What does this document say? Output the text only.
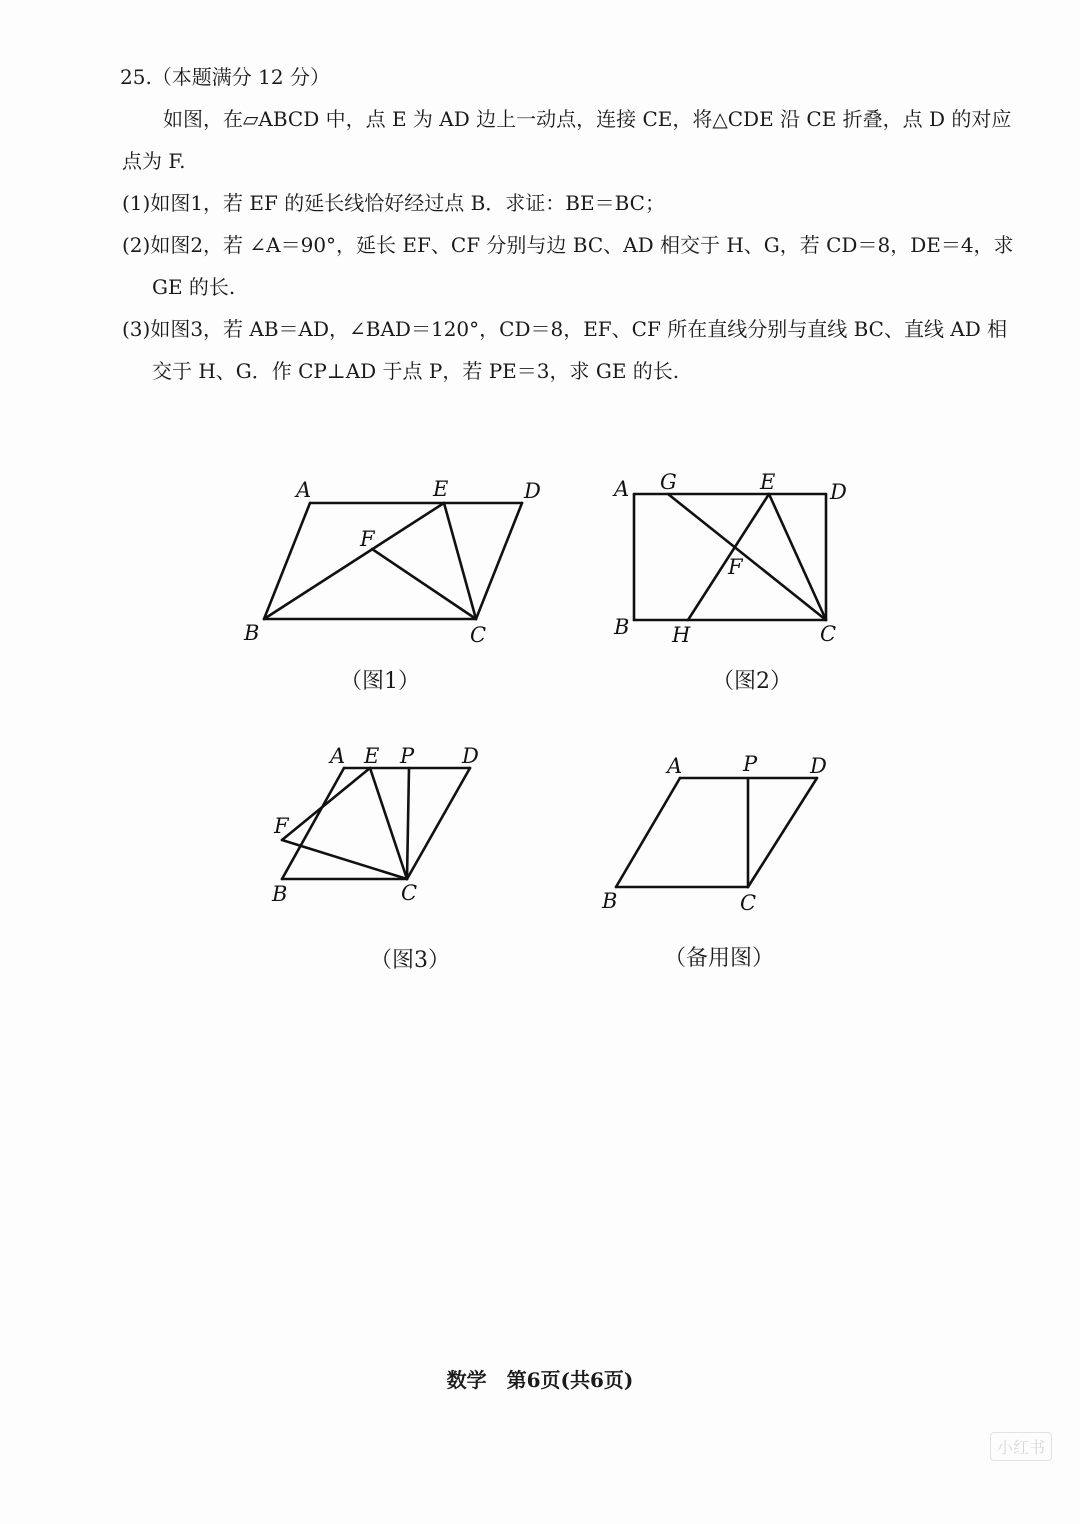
25.（本题满分 12 分）
如图，在▱ABCD 中，点 E 为 AD 边上一动点，连接 CE，将△CDE 沿 CE 折叠，点 D 的对应
点为 F.
(1)如图1，若 EF 的延长线恰好经过点 B．求证：BE＝BC；
(2)如图2，若 ∠A＝90°，延长 EF、CF 分别与边 BC、AD 相交于 H、G，若 CD＝8，DE＝4，求
GE 的长.
(3)如图3，若 AB＝AD，∠BAD＝120°，CD＝8，EF、CF 所在直线分别与直线 BC、直线 AD 相
交于 H、G．作 CP⊥AD 于点 P，若 PE＝3，求 GE 的长.
A	E	D
F
B	C
A G	E	D
F
B H	C
A E P D
F
B	C
A	P	D
B	C
（图1）	（图2）
（图3）	（备用图）
数学　第6页(共6页)
小红书
